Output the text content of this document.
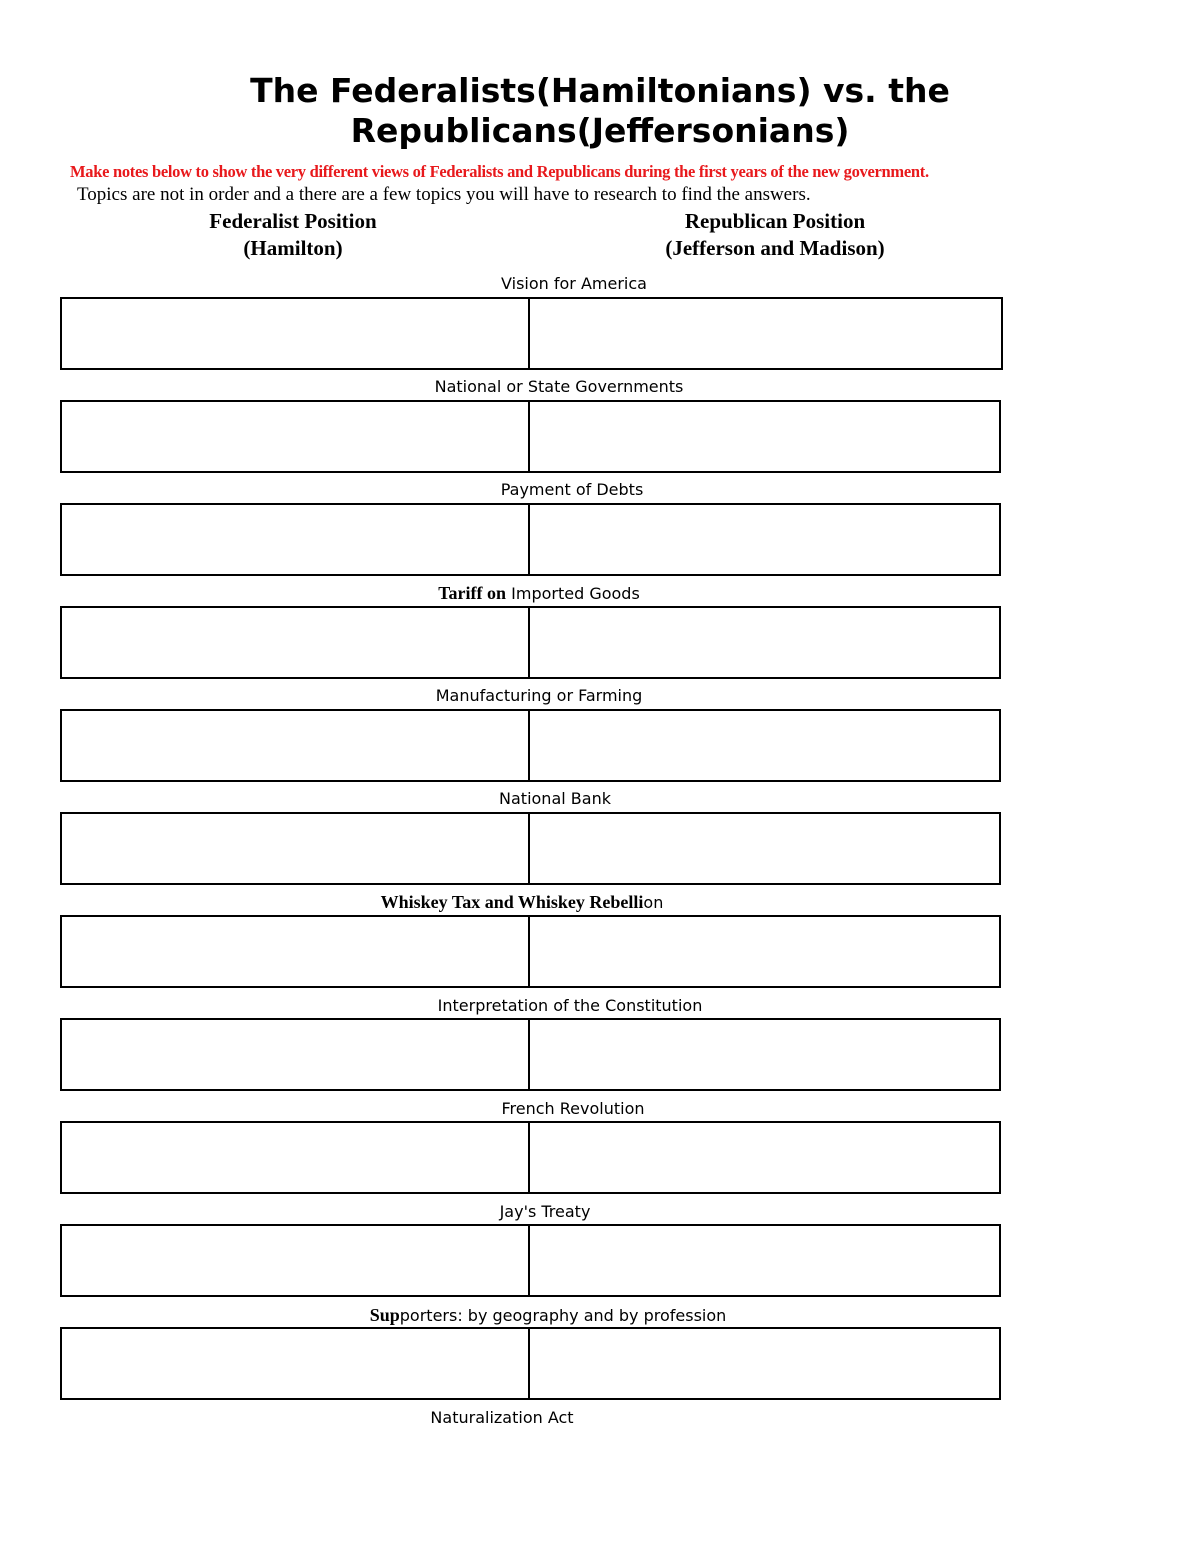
The Federalists(Hamiltonians) vs. the
Republicans(Jeffersonians)
Make notes below to show the very different views of Federalists and Republicans during the first years of the new government.
Topics are not in order and a there are a few topics you will have to research to find the answers.
Federalist Position
(Hamilton)
Republican Position
(Jefferson and Madison)
Vision for America
National or State Governments
Payment of Debts
Tariff on Imported Goods
Manufacturing or Farming
National Bank
Whiskey Tax and Whiskey Rebellion
Interpretation of the Constitution
French Revolution
Jay's Treaty
Supporters: by geography and by profession
Naturalization Act
